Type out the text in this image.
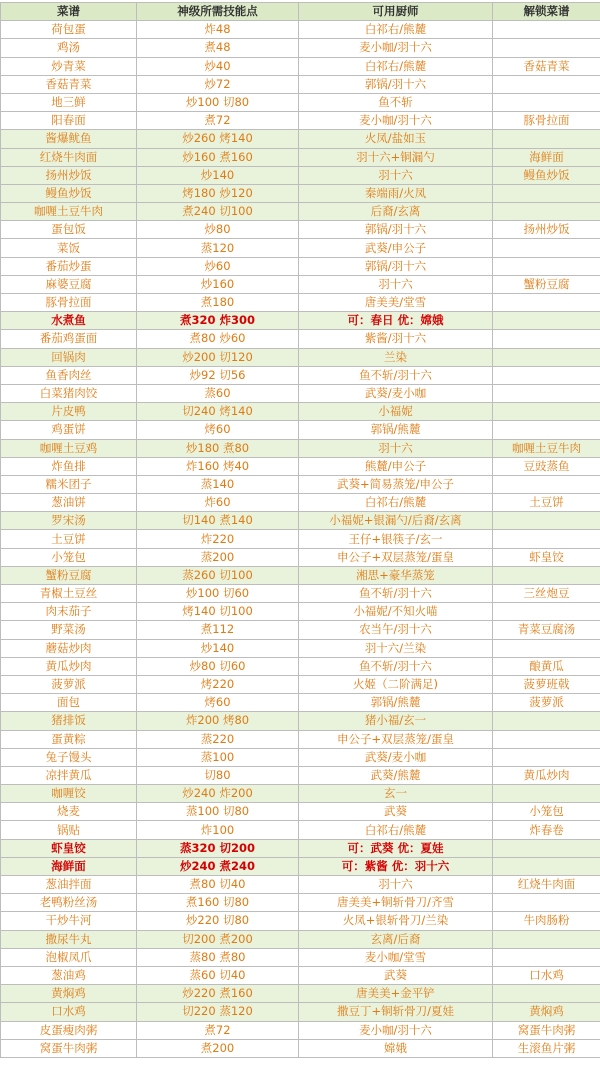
菜谱	神级所需技能点	可用厨师	解锁菜谱
荷包蛋	炸48	白祁右/熊麓	
鸡汤	煮48	麦小咖/羽十六	
炒青菜	炒40	白祁右/熊麓	香菇青菜
香菇青菜	炒72	郭锅/羽十六	
地三鲜	炒100 切80	鱼不斩	
阳春面	煮72	麦小咖/羽十六	豚骨拉面
酱爆鱿鱼	炒260 烤140	火凤/盐如玉	
红烧牛肉面	炒160 煮160	羽十六+铜漏勺	海鲜面
扬州炒饭	炒140	羽十六	鳗鱼炒饭
鳗鱼炒饭	烤180 炒120	秦端雨/火凤	
咖喱土豆牛肉	煮240 切100	后裔/玄离	
蛋包饭	炒80	郭锅/羽十六	扬州炒饭
菜饭	蒸120	武葵/申公子	
番茄炒蛋	炒60	郭锅/羽十六	
麻婆豆腐	炒160	羽十六	蟹粉豆腐
豚骨拉面	煮180	唐美美/堂雪	
水煮鱼	煮320 炸300	可：春日 优：嫦娥	
番茄鸡蛋面	煮80 炒60	紫酱/羽十六	
回锅肉	炒200 切120	兰染	
鱼香肉丝	炒92 切56	鱼不斩/羽十六	
白菜猪肉饺	蒸60	武葵/麦小咖	
片皮鸭	切240 烤140	小福妮	
鸡蛋饼	烤60	郭锅/熊麓	
咖喱土豆鸡	炒180 煮80	羽十六	咖喱土豆牛肉
炸鱼排	炸160 烤40	熊麓/申公子	豆豉蒸鱼
糯米团子	蒸140	武葵+简易蒸笼/申公子	
葱油饼	炸60	白祁右/熊麓	土豆饼
罗宋汤	切140 煮140	小福妮+银漏勺/后裔/玄离	
土豆饼	炸220	王仔+银筷子/玄一	
小笼包	蒸200	申公子+双层蒸笼/蛋皇	虾皇饺
蟹粉豆腐	蒸260 切100	湘思+豪华蒸笼	
青椒土豆丝	炒100 切60	鱼不斩/羽十六	三丝炮豆
肉末茄子	烤140 切100	小福妮/不知火喵	
野菜汤	煮112	农当午/羽十六	青菜豆腐汤
蘑菇炒肉	炒140	羽十六/兰染	
黄瓜炒肉	炒80 切60	鱼不斩/羽十六	酿黄瓜
菠萝派	烤220	火姬（二阶满足)	菠萝班戟
面包	烤60	郭锅/熊麓	菠萝派
猪排饭	炸200 烤80	猪小福/玄一	
蛋黄粽	蒸220	申公子+双层蒸笼/蛋皇	
兔子馒头	蒸100	武葵/麦小咖	
凉拌黄瓜	切80	武葵/熊麓	黄瓜炒肉
咖喱饺	炒240 炸200	玄一	
烧麦	蒸100 切80	武葵	小笼包
锅贴	炸100	白祁右/熊麓	炸春卷
虾皇饺	蒸320 切200	可：武葵 优：夏娃	
海鲜面	炒240 煮240	可：紫酱 优：羽十六	
葱油拌面	煮80 切40	羽十六	红烧牛肉面
老鸭粉丝汤	煮160 切80	唐美美+铜斩骨刀/齐雪	
干炒牛河	炒220 切80	火凤+银斩骨刀/兰染	牛肉肠粉
撒尿牛丸	切200 煮200	玄离/后裔	
泡椒凤爪	蒸80 煮80	麦小咖/堂雪	
葱油鸡	蒸60 切40	武葵	口水鸡
黄焖鸡	炒220 煮160	唐美美+金平铲	
口水鸡	切220 蒸120	撒豆丁+铜斩骨刀/夏娃	黄焖鸡
皮蛋瘦肉粥	煮72	麦小咖/羽十六	窝蛋牛肉粥
窝蛋牛肉粥	煮200	嫦娥	生滚鱼片粥
